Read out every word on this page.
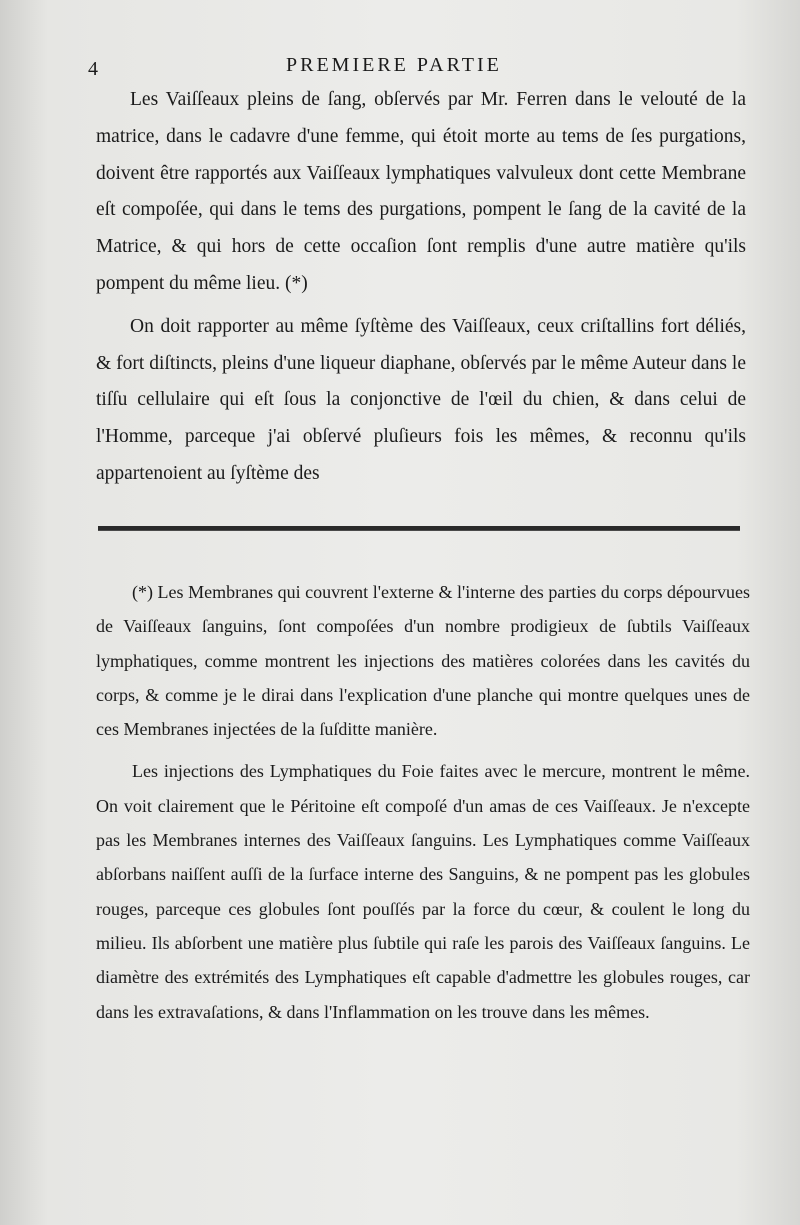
4	PREMIERE PARTIE

Les Vaiſſeaux pleins de ſang, obſervés par Mr. Ferren dans le velouté de la matrice, dans le cadavre d'une femme, qui étoit morte au tems de ſes purgations, doivent être rapportés aux Vaiſſeaux lymphatiques valvuleux dont cette Membrane eſt compoſée, qui dans le tems des purgations, pompent le ſang de la cavité de la Matrice, & qui hors de cette occaſion ſont remplis d'une autre matière qu'ils pompent du même lieu. (*)

On doit rapporter au même ſyſtème des Vaiſſeaux, ceux criſtallins fort déliés, & fort diſtincts, pleins d'une liqueur diaphane, obſervés par le même Auteur dans le tiſſu cellulaire qui eſt ſous la conjonctive de l'œil du chien, & dans celui de l'Homme, parceque j'ai obſervé pluſieurs fois les mêmes, & reconnu qu'ils appartenoient au ſyſtème des

(*) Les Membranes qui couvrent l'externe & l'interne des parties du corps dépourvues de Vaiſſeaux ſanguins, ſont compoſées d'un nombre prodigieux de ſubtils Vaiſſeaux lymphatiques, comme montrent les injections des matières colorées dans les cavités du corps, & comme je le dirai dans l'explication d'une planche qui montre quelques unes de ces Membranes injectées de la ſuſditte manière.

Les injections des Lymphatiques du Foie faites avec le mercure, montrent le même. On voit clairement que le Péritoine eſt compoſé d'un amas de ces Vaiſſeaux. Je n'excepte pas les Membranes internes des Vaiſſeaux ſanguins. Les Lymphatiques comme Vaiſſeaux abſorbans naiſſent auſſi de la ſurface interne des Sanguins, & ne pompent pas les globules rouges, parceque ces globules ſont pouſſés par la force du cœur, & coulent le long du milieu. Ils abſorbent une matière plus ſubtile qui raſe les parois des Vaiſſeaux ſanguins. Le diamètre des extrémités des Lymphatiques eſt capable d'admettre les globules rouges, car dans les extravaſations, & dans l'Inflammation on les trouve dans les mêmes.
